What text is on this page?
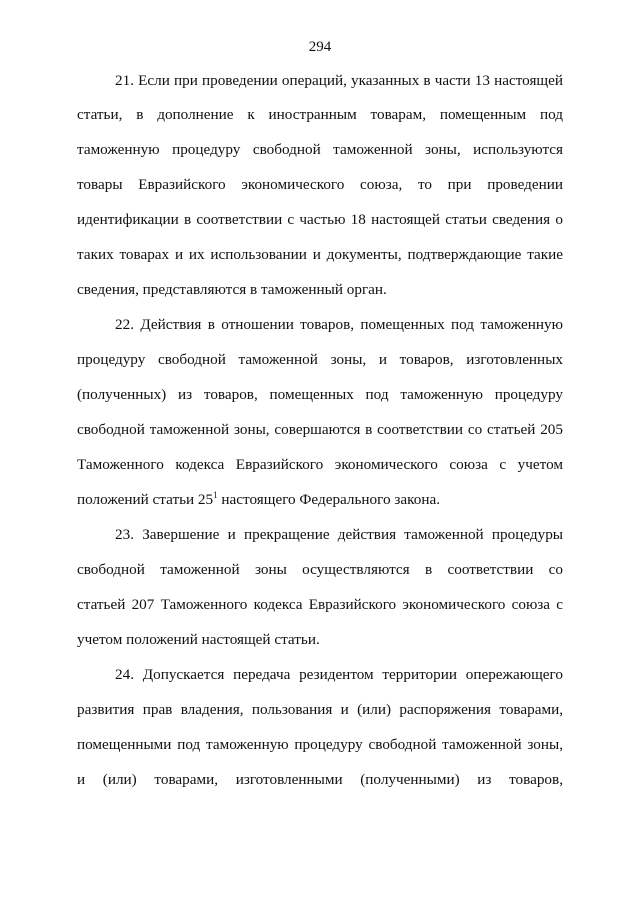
294
21. Если при проведении операций, указанных в части 13 настоящей
статьи, в дополнение к иностранным товарам, помещенным под
таможенную процедуру свободной таможенной зоны, используются
товары Евразийского экономического союза, то при проведении
идентификации в соответствии с частью 18 настоящей статьи сведения о
таких товарах и их использовании и документы, подтверждающие такие
сведения, представляются в таможенный орган.
22. Действия в отношении товаров, помещенных под таможенную
процедуру свободной таможенной зоны, и товаров, изготовленных
(полученных) из товаров, помещенных под таможенную процедуру
свободной таможенной зоны, совершаются в соответствии со статьей 205
Таможенного кодекса Евразийского экономического союза с учетом
положений статьи $25^1$ настоящего Федерального закона.
23. Завершение и прекращение действия таможенной процедуры
свободной таможенной зоны осуществляются в соответствии со
статьей 207 Таможенного кодекса Евразийского экономического союза с
учетом положений настоящей статьи.
24. Допускается передача резидентом территории опережающего
развития прав владения, пользования и (или) распоряжения товарами,
помещенными под таможенную процедуру свободной таможенной зоны,
и (или) товарами, изготовленными (полученными) из товаров,
